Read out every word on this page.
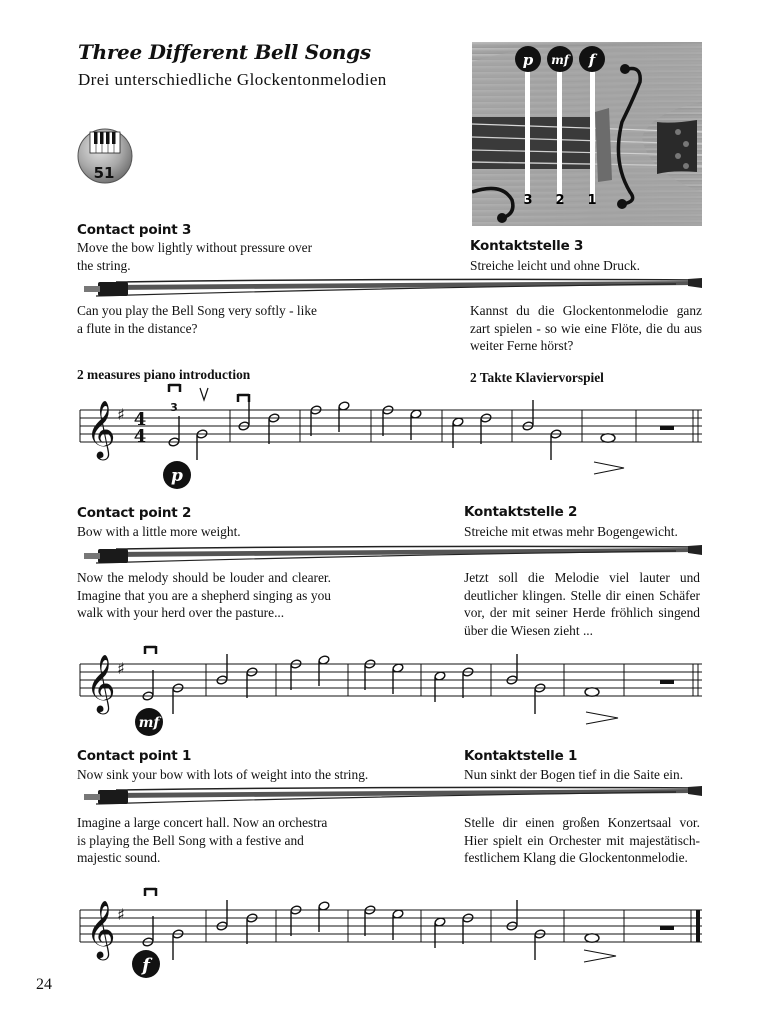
Three Different Bell Songs
Drei unterschiedliche Glockentonmelodien
51
p mf f
3 2 1
Contact point 3
Move the bow lightly without pressure over the string.
Kontaktstelle 3
Streiche leicht und ohne Druck.
Can you play the Bell Song very softly - like a flute in the distance?
Kannst du die Glockentonmelodie ganz zart spielen - so wie eine Flöte, die du aus weiter Ferne hörst?
2 measures piano introduction	2 Takte Klaviervorspiel
𝄞 ♯ 4
4
3
p
Contact point 2
Bow with a little more weight.
Kontaktstelle 2
Streiche mit etwas mehr Bogengewicht.
Now the melody should be louder and clearer. Imagine that you are a shepherd singing as you walk with your herd over the pasture...
Jetzt soll die Melodie viel lauter und deutlicher klingen. Stelle dir einen Schäfer vor, der mit seiner Herde fröhlich singend über die Wiesen zieht ...
𝄞 ♯
mf
Contact point 1
Now sink your bow with lots of weight into the string.
Kontaktstelle 1
Nun sinkt der Bogen tief in die Saite ein.
Imagine a large concert hall. Now an orchestra is playing the Bell Song with a festive and majestic sound.
Stelle dir einen großen Konzertsaal vor. Hier spielt ein Orchester mit majestätisch-festlichem Klang die Glockentonmelodie.
𝄞 ♯
f
24
